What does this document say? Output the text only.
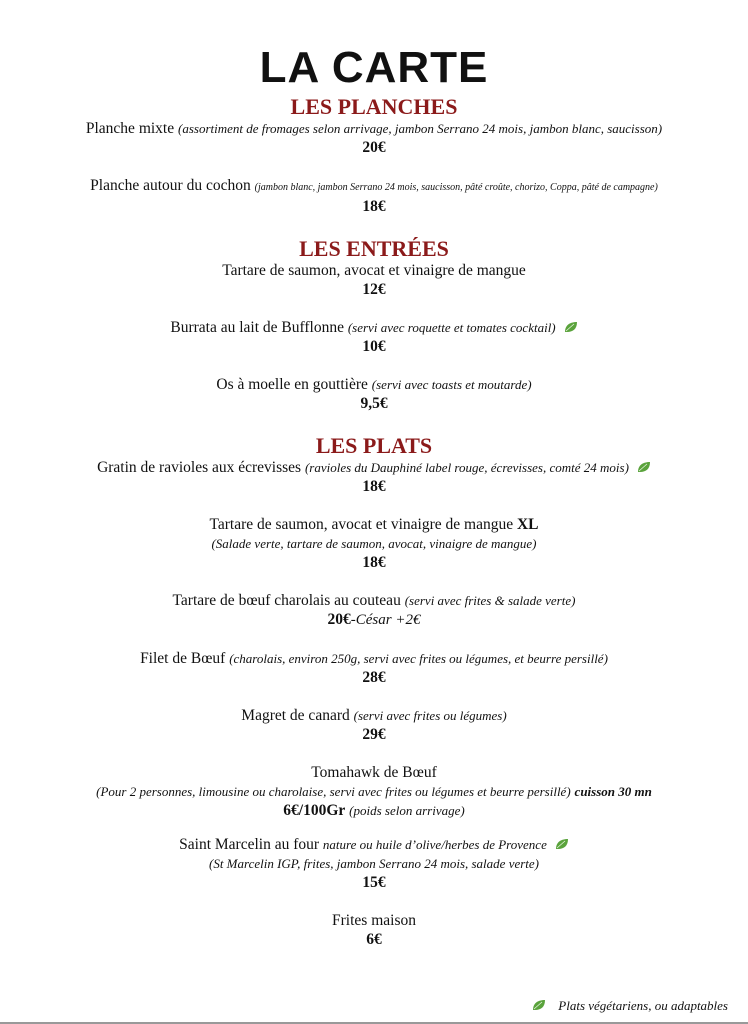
LA CARTE
LES PLANCHES
Planche mixte (assortiment de fromages selon arrivage, jambon Serrano 24 mois, jambon blanc, saucisson)
20€
Planche autour du cochon (jambon blanc, jambon Serrano 24 mois, saucisson, pâté croûte, chorizo, Coppa, pâté de campagne)
18€
LES ENTRÉES
Tartare de saumon, avocat et vinaigre de mangue
12€
Burrata au lait de Bufflonne (servi avec roquette et tomates cocktail)
10€
Os à moelle en gouttière (servi avec toasts et moutarde)
9,5€
LES PLATS
Gratin de ravioles aux écrevisses (ravioles du Dauphiné label rouge, écrevisses, comté 24 mois)
18€
Tartare de saumon, avocat et vinaigre de mangue XL
(Salade verte, tartare de saumon, avocat, vinaigre de mangue)
18€
Tartare de bœuf charolais au couteau (servi avec frites & salade verte)
20€-César +2€
Filet de Bœuf (charolais, environ 250g, servi avec frites ou légumes, et beurre persillé)
28€
Magret de canard (servi avec frites ou légumes)
29€
Tomahawk de Bœuf
(Pour 2 personnes, limousine ou charolaise, servi avec frites ou légumes et beurre persillé) cuisson 30 mn
6€/100Gr (poids selon arrivage)
Saint Marcelin au four nature ou huile d’olive/herbes de Provence
(St Marcelin IGP, frites, jambon Serrano 24 mois, salade verte)
15€
Frites maison
6€
Plats végétariens, ou adaptables
